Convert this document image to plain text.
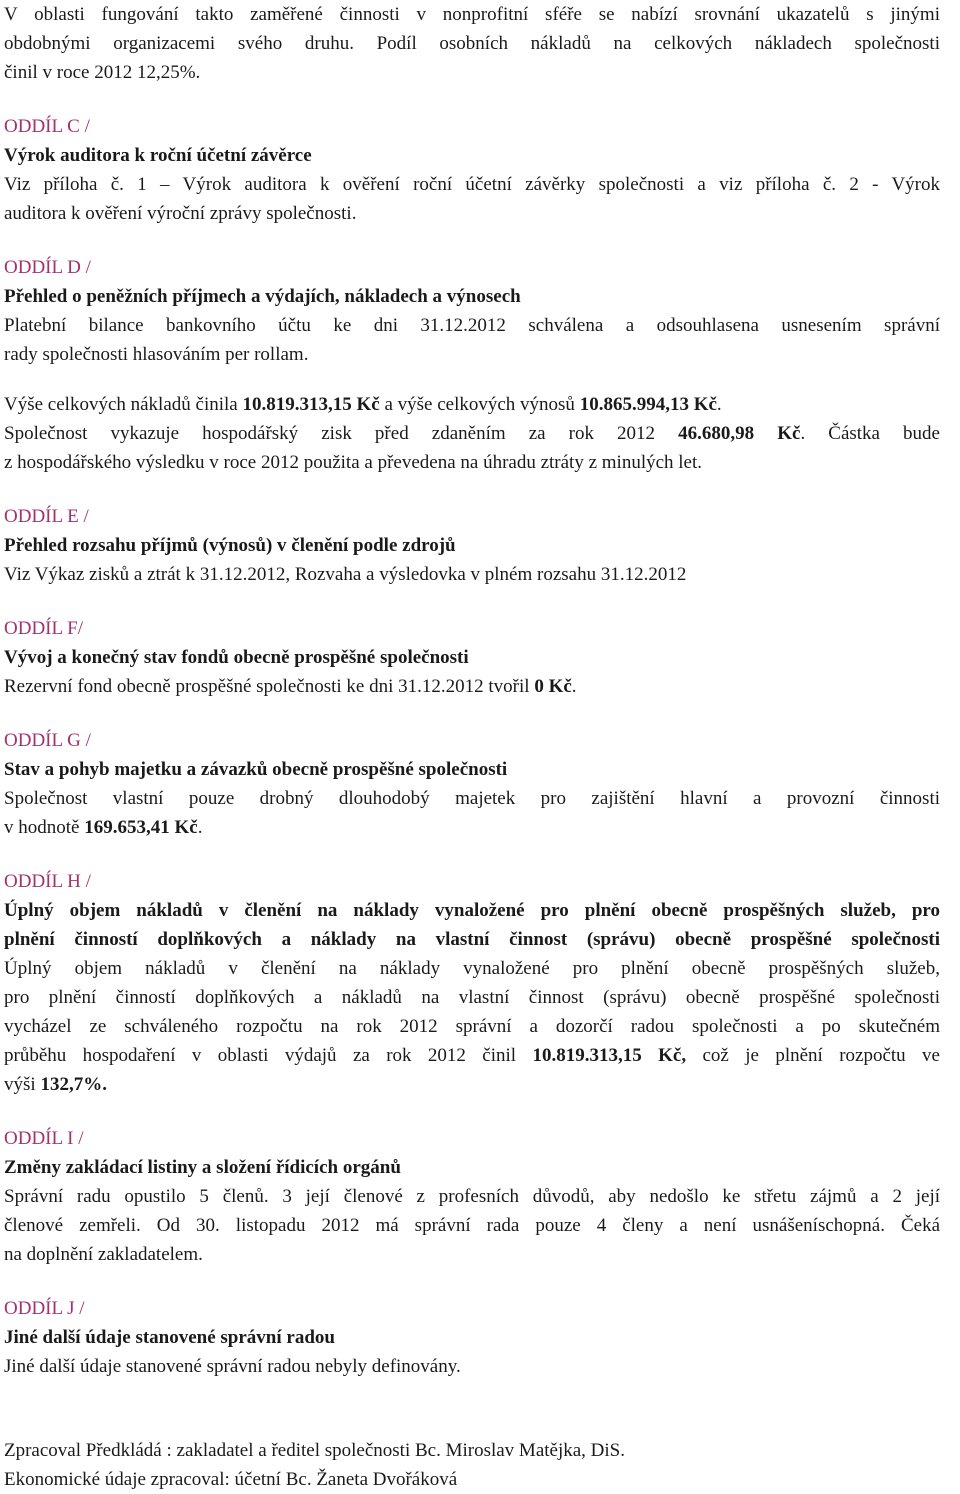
V oblasti fungování takto zaměřené činnosti v nonprofitní sféře se nabízí srovnání ukazatelů s jinými

obdobnými organizacemi svého druhu. Podíl osobních nákladů na celkových nákladech společnosti

činil v roce 2012 12,25%.

ODDÍL C /

Výrok auditora k roční účetní závěrce

Viz příloha č. 1 – Výrok auditora k ověření roční účetní závěrky společnosti a viz příloha č. 2 - Výrok

auditora k ověření výroční zprávy společnosti.

ODDÍL D /

Přehled o peněžních příjmech a výdajích, nákladech a výnosech

Platební bilance bankovního účtu ke dni 31.12.2012 schválena a odsouhlasena usnesením správní

rady společnosti hlasováním per rollam.

Výše celkových nákladů činila 10.819.313,15 Kč a výše celkových výnosů 10.865.994,13 Kč.

Společnost vykazuje hospodářský zisk před zdaněním za rok 2012 46.680,98 Kč. Částka bude

z hospodářského výsledku v roce 2012 použita a převedena na úhradu ztráty z minulých let.

ODDÍL E /

Přehled rozsahu příjmů (výnosů) v členění podle zdrojů

Viz Výkaz zisků a ztrát k 31.12.2012, Rozvaha a výsledovka v plném rozsahu 31.12.2012

ODDÍL F/

Vývoj a konečný stav fondů obecně prospěšné společnosti

Rezervní fond obecně prospěšné společnosti ke dni 31.12.2012 tvořil 0 Kč.

ODDÍL G /

Stav a pohyb majetku a závazků obecně prospěšné společnosti

Společnost vlastní pouze drobný dlouhodobý majetek pro zajištění hlavní a provozní činnosti

v hodnotě 169.653,41 Kč.

ODDÍL H /

Úplný objem nákladů v členění na náklady vynaložené pro plnění obecně prospěšných služeb, pro

plnění činností doplňkových a náklady na vlastní činnost (správu) obecně prospěšné společnosti

Úplný objem nákladů v členění na náklady vynaložené pro plnění obecně prospěšných služeb,

pro plnění činností doplňkových a nákladů na vlastní činnost (správu) obecně prospěšné společnosti

vycházel ze schváleného rozpočtu na rok 2012 správní a dozorčí radou společnosti a po skutečném

průběhu hospodaření v oblasti výdajů za rok 2012 činil 10.819.313,15 Kč, což je plnění rozpočtu ve

výši 132,7%.

ODDÍL I /

Změny zakládací listiny a složení řídicích orgánů

Správní radu opustilo 5 členů. 3 její členové z profesních důvodů, aby nedošlo ke střetu zájmů a 2 její

členové zemřeli. Od 30. listopadu 2012 má správní rada pouze 4 členy a není usnášeníschopná. Čeká

na doplnění zakladatelem.

ODDÍL J /

Jiné další údaje stanovené správní radou

Jiné další údaje stanovené správní radou nebyly definovány.

Zpracoval Předkládá : zakladatel a ředitel společnosti Bc. Miroslav Matějka, DiS.

Ekonomické údaje zpracoval: účetní Bc. Žaneta Dvořáková
